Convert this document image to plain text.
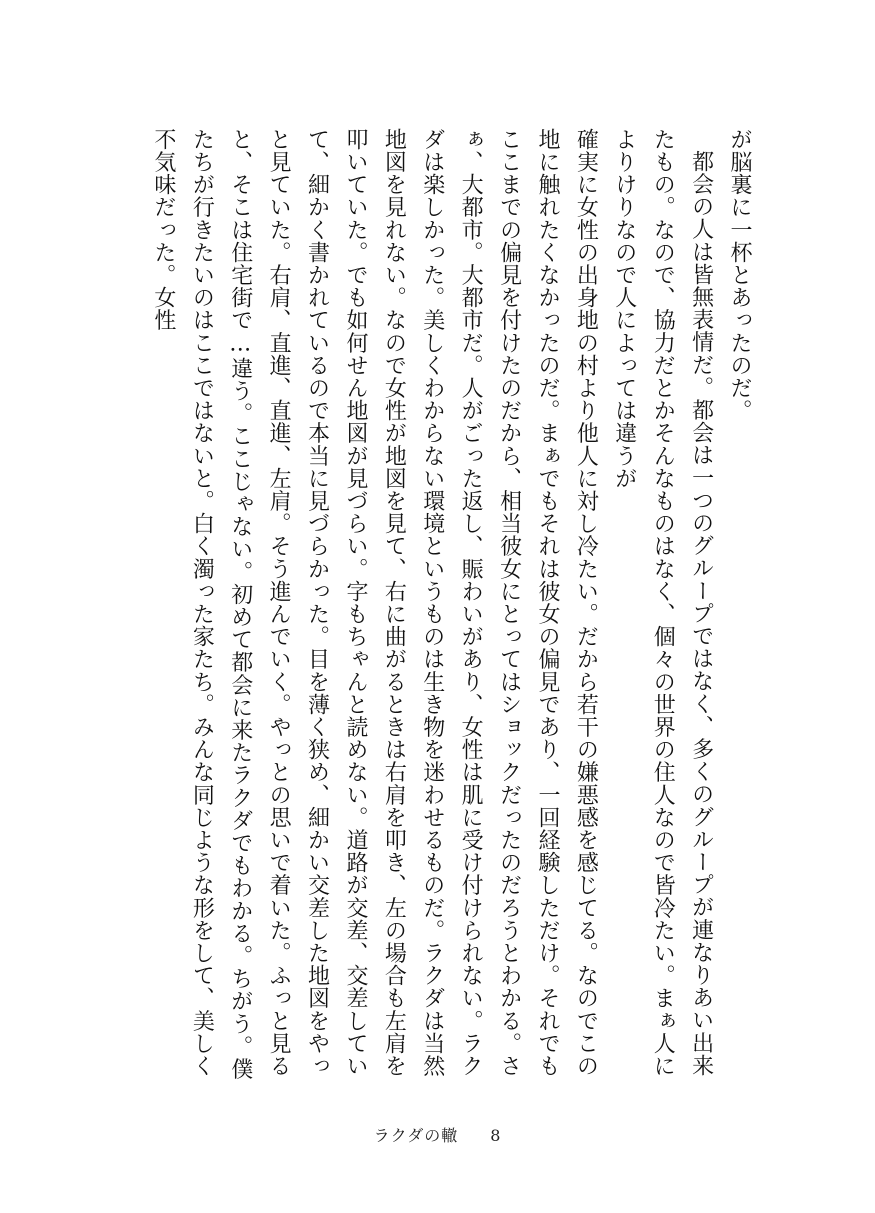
が脳裏に一杯とあったのだ。

都会の人は皆無表情だ。都会は一つのグループではなく、多くのグループが連なりあい出来たもの。なので、協力だとかそんなものはなく、個々の世界の住人なので皆冷たい。まぁ人によりけりなので人によっては違うが

確実に女性の出身地の村より他人に対し冷たい。だから若干の嫌悪感を感じてる。なのでこの地に触れたくなかったのだ。まぁでもそれは彼女の偏見であり、一回経験しただけ。それでもここまでの偏見を付けたのだから、相当彼女にとってはショックだったのだろうとわかる。さぁ、大都市。大都市だ。人がごった返し、賑わいがあり、女性は肌に受け付けられない。ラクダは楽しかった。美しくわからない環境というものは生き物を迷わせるものだ。ラクダは当然地図を見れない。なので女性が地図を見て、右に曲がるときは右肩を叩き、左の場合も左肩を叩いていた。でも如何せん地図が見づらい。字もちゃんと読めない。道路が交差、交差していて、細かく書かれているので本当に見づらかった。目を薄く狭め、細かい交差した地図をやっと見ていた。右肩、直進、直進、左肩。そう進んでいく。やっとの思いで着いた。ふっと見ると、そこは住宅街で…違う。ここじゃない。初めて都会に来たラクダでもわかる。ちがう。僕たちが行きたいのはここではないと。白く濁った家たち。みんな同じような形をして、美しく不気味だった。女性

ラクダの轍 8
